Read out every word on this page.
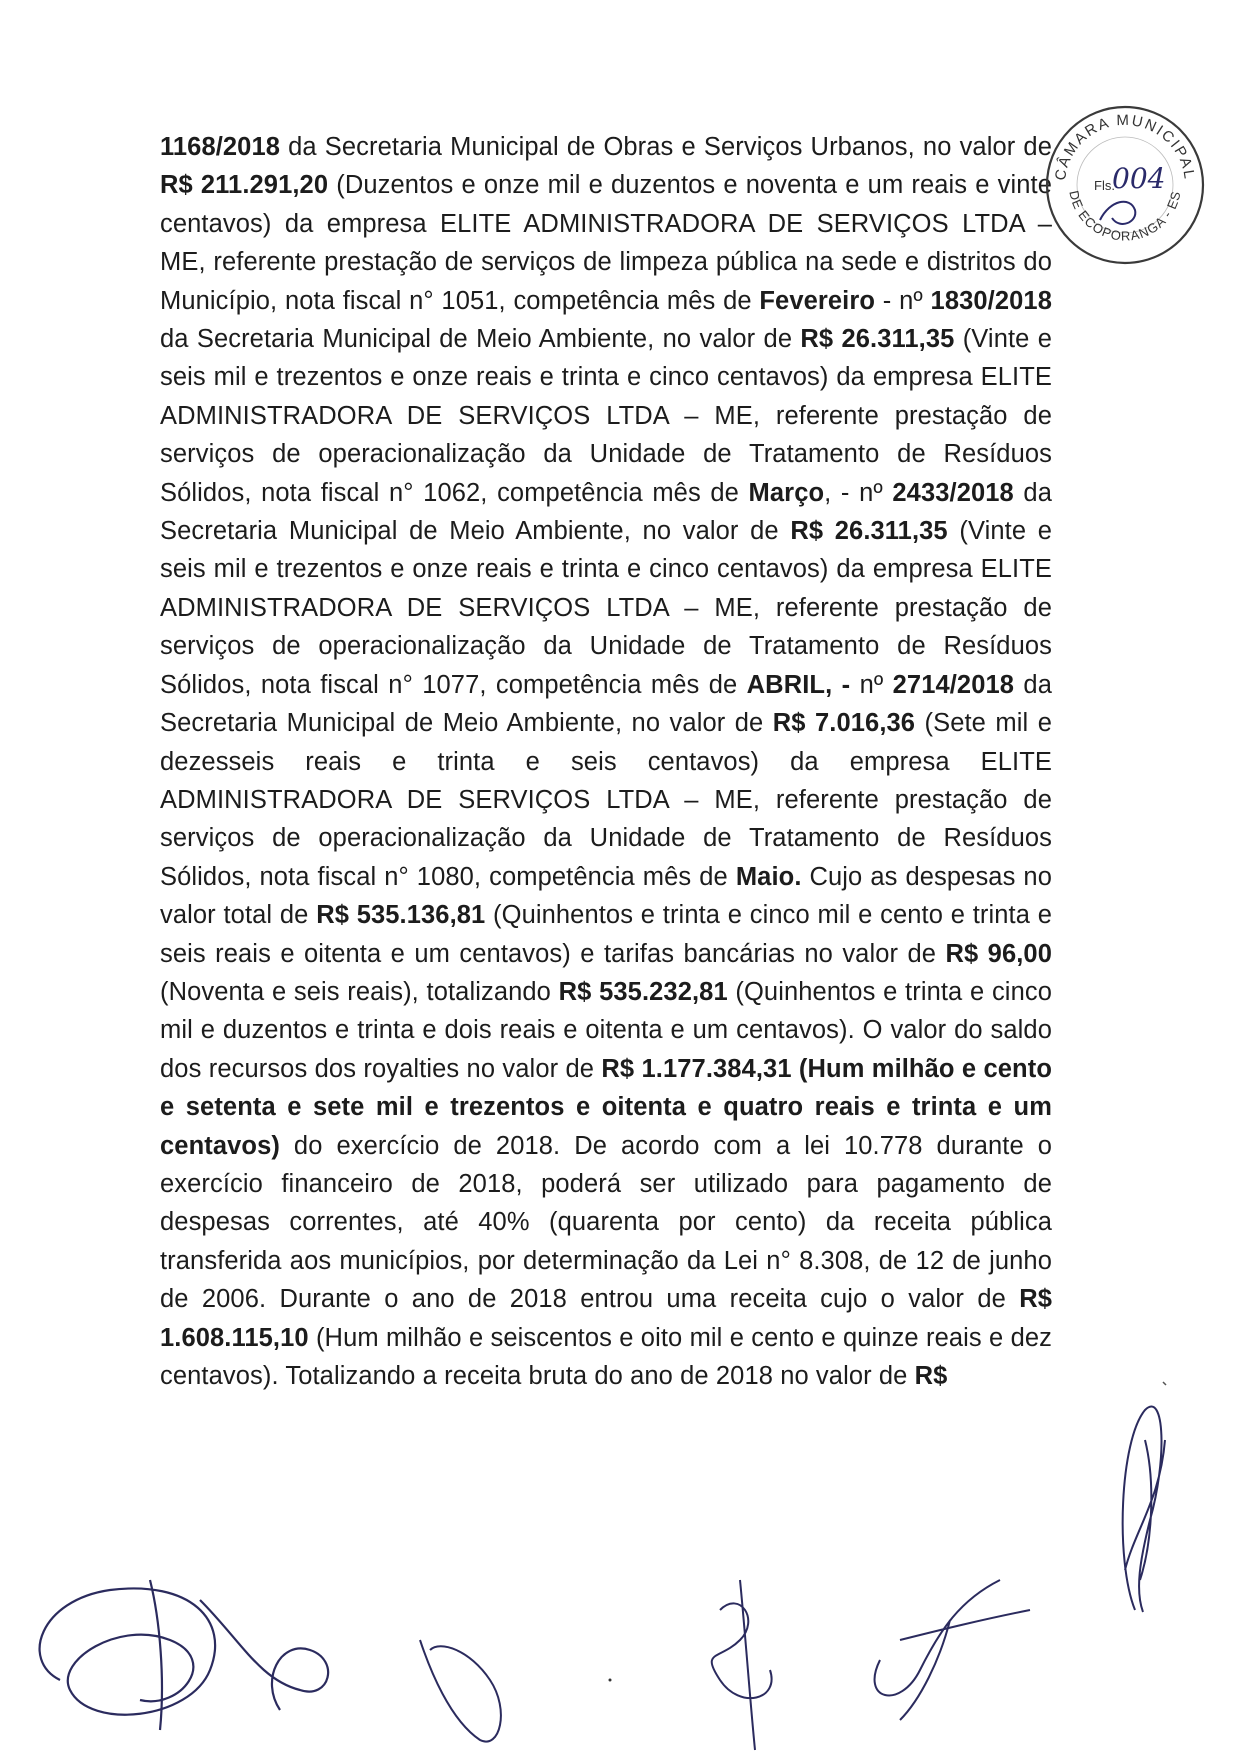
1168/2018 da Secretaria Municipal de Obras e Serviços Urbanos, no valor de R$ 211.291,20 (Duzentos e onze mil e duzentos e noventa e um reais e vinte centavos) da empresa ELITE ADMINISTRADORA DE SERVIÇOS LTDA – ME, referente prestação de serviços de limpeza pública na sede e distritos do Município, nota fiscal n° 1051, competência mês de Fevereiro - nº 1830/2018 da Secretaria Municipal de Meio Ambiente, no valor de R$ 26.311,35 (Vinte e seis mil e trezentos e onze reais e trinta e cinco centavos) da empresa ELITE ADMINISTRADORA DE SERVIÇOS LTDA – ME, referente prestação de serviços de operacionalização da Unidade de Tratamento de Resíduos Sólidos, nota fiscal n° 1062, competência mês de Março, - nº 2433/2018 da Secretaria Municipal de Meio Ambiente, no valor de R$ 26.311,35 (Vinte e seis mil e trezentos e onze reais e trinta e cinco centavos) da empresa ELITE ADMINISTRADORA DE SERVIÇOS LTDA – ME, referente prestação de serviços de operacionalização da Unidade de Tratamento de Resíduos Sólidos, nota fiscal n° 1077, competência mês de ABRIL, - nº 2714/2018 da Secretaria Municipal de Meio Ambiente, no valor de R$ 7.016,36 (Sete mil e dezesseis reais e trinta e seis centavos) da empresa ELITE ADMINISTRADORA DE SERVIÇOS LTDA – ME, referente prestação de serviços de operacionalização da Unidade de Tratamento de Resíduos Sólidos, nota fiscal n° 1080, competência mês de Maio. Cujo as despesas no valor total de R$ 535.136,81 (Quinhentos e trinta e cinco mil e cento e trinta e seis reais e oitenta e um centavos) e tarifas bancárias no valor de R$ 96,00 (Noventa e seis reais), totalizando R$ 535.232,81 (Quinhentos e trinta e cinco mil e duzentos e trinta e dois reais e oitenta e um centavos). O valor do saldo dos recursos dos royalties no valor de R$ 1.177.384,31 (Hum milhão e cento e setenta e sete mil e trezentos e oitenta e quatro reais e trinta e um centavos) do exercício de 2018. De acordo com a lei 10.778 durante o exercício financeiro de 2018, poderá ser utilizado para pagamento de despesas correntes, até 40% (quarenta por cento) da receita pública transferida aos municípios, por determinação da Lei n° 8.308, de 12 de junho de 2006. Durante o ano de 2018 entrou uma receita cujo o valor de R$ 1.608.115,10 (Hum milhão e seiscentos e oito mil e cento e quinze reais e dez centavos). Totalizando a receita bruta do ano de 2018 no valor de R$
CÂMARA MUNICIPAL
DE ECOPORANGA - ES
Fls.
004
